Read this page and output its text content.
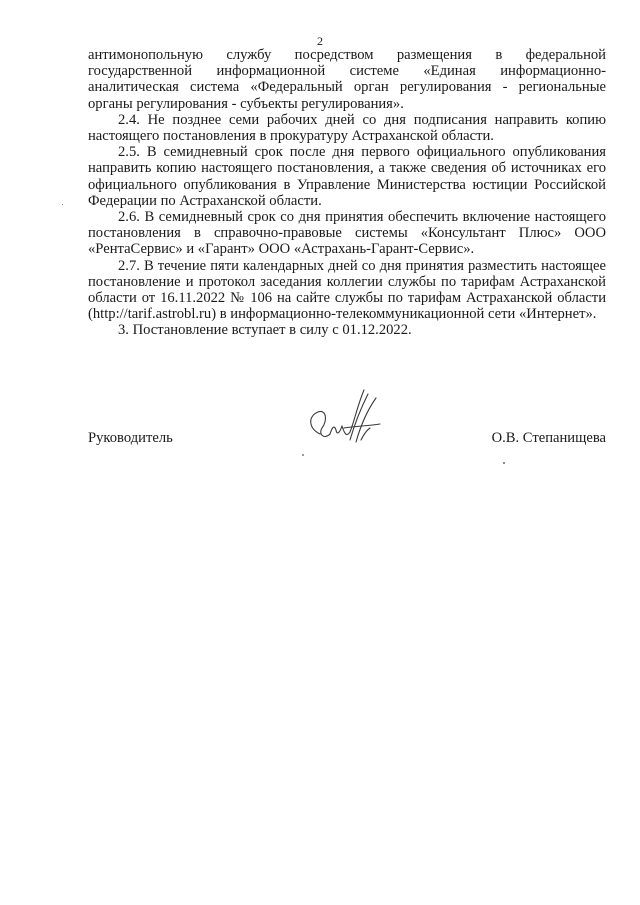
2

антимонопольную службу посредством размещения в федеральной государственной информационной системе «Единая информационно-аналитическая система «Федеральный орган регулирования - региональные органы регулирования - субъекты регулирования».

2.4. Не позднее семи рабочих дней со дня подписания направить копию настоящего постановления в прокуратуру Астраханской области.

2.5. В семидневный срок после дня первого официального опубликования направить копию настоящего постановления, а также сведения об источниках его официального опубликования в Управление Министерства юстиции Российской Федерации по Астраханской области.

2.6. В семидневный срок со дня принятия обеспечить включение настоящего постановления в справочно-правовые системы «Консультант Плюс» ООО «РентаСервис» и «Гарант» ООО «Астрахань-Гарант-Сервис».

2.7. В течение пяти календарных дней со дня принятия разместить настоящее постановление и протокол заседания коллегии службы по тарифам Астраханской области от 16.11.2022 № 106 на сайте службы по тарифам Астраханской области (http://tarif.astrobl.ru) в информационно-телекоммуникационной сети «Интернет».

3. Постановление вступает в силу с 01.12.2022.

Руководитель	О.В. Степанищева
